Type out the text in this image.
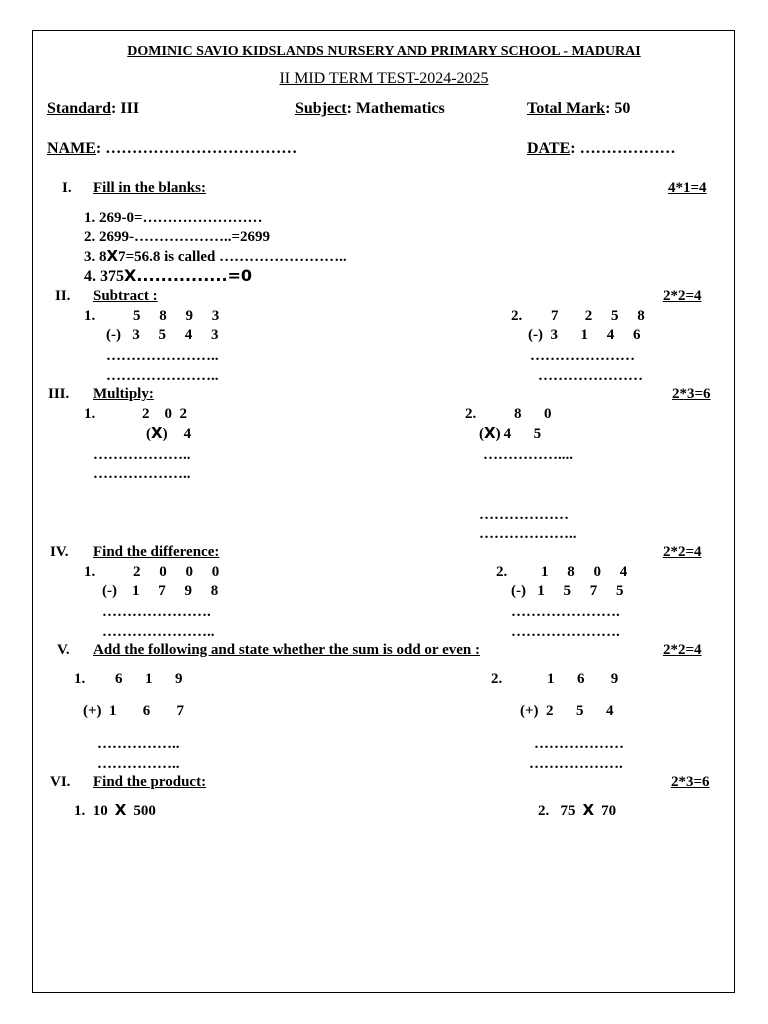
DOMINIC SAVIO KIDSLANDS NURSERY AND PRIMARY SCHOOL - MADURAI
II MID TERM TEST-2024-2025
Standard: III	Subject: Mathematics	Total Mark: 50
NAME: ………………………………	DATE: ………………
I. Fill in the blanks:	4*1=4
1. 269-0=……………………
2. 2699-………………..=2699
3. 8X7=56.8 is called ……………………..
4. 375X...............=0
II. Subtract :	2*2=4
1.	5     8     9     3
(-)   3     5     4     3
…………………..
…………………..
2. 7       2     5     8
(-)  3      1     4     6
…………………
…………………
III. Multiply:	2*3=6
1.	2    0  2
(X) 4
………………..
………………..
2.	8      0
(X) 4      5
……………....
………………
………………..
IV. Find the difference:	2*2=4
1.	2     0     0     0
(-)    1     7     9     8
………………….
…………………..
2. 1     8     0     4
(-)   1     5     7     5
………………….
………………….
V. Add the following and state whether the sum is odd or even :	2*2=4
1. 6      1      9
(+)  1       6       7
……………..
……………..
2.	1      6       9
(+)  2      5      4
………………
……………….
VI. Find the product:	2*3=6
1.  10 X 500	2.   75 X 70
